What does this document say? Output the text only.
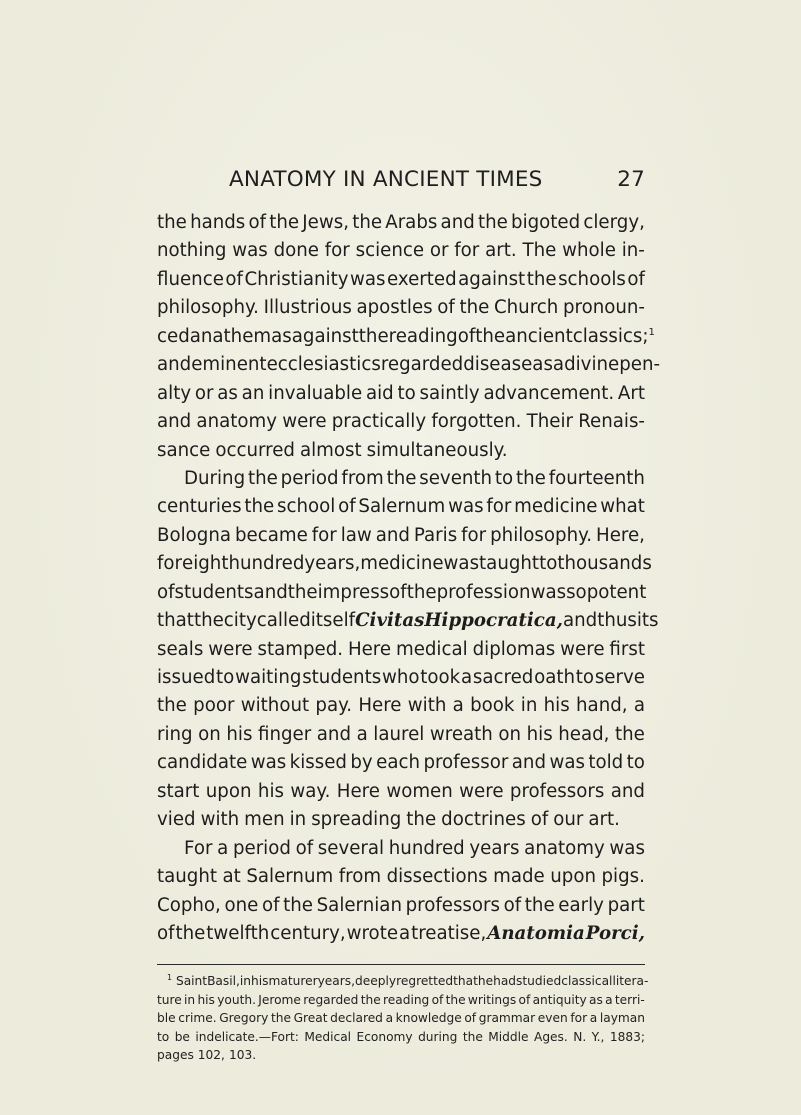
ANATOMY IN ANCIENT TIMES	27
the hands of the Jews, the Arabs and the bigoted clergy,
nothing was done for science or for art. The whole in-
fluence of Christianity was exerted against the schools of
philosophy. Illustrious apostles of the Church pronoun-
ced anathemas against the reading of the ancient classics;$^1$
and eminent ecclesiastics regarded disease as a divine pen-
alty or as an invaluable aid to saintly advancement. Art
and anatomy were practically forgotten. Their Renais-
sance occurred almost simultaneously.
During the period from the seventh to the fourteenth
centuries the school of Salernum was for medicine what
Bologna became for law and Paris for philosophy. Here,
for eight hundred years, medicine was taught to thousands
of students and the impress of the profession was so potent
that the city called itself Civitas Hippocratica, and thus its
seals were stamped. Here medical diplomas were first
issued to waiting students who took a sacred oath to serve
the poor without pay. Here with a book in his hand, a
ring on his finger and a laurel wreath on his head, the
candidate was kissed by each professor and was told to
start upon his way. Here women were professors and
vied with men in spreading the doctrines of our art.
For a period of several hundred years anatomy was
taught at Salernum from dissections made upon pigs.
Copho, one of the Salernian professors of the early part
of the twelfth century, wrote a treatise, Anatomia Porci,
$^1$ Saint Basil, in his maturer years, deeply regretted that he had studied classical litera-
ture in his youth. Jerome regarded the reading of the writings of antiquity as a terri-
ble crime. Gregory the Great declared a knowledge of grammar even for a layman
to be indelicate.—Fort: Medical Economy during the Middle Ages. N. Y., 1883;
pages 102, 103.
